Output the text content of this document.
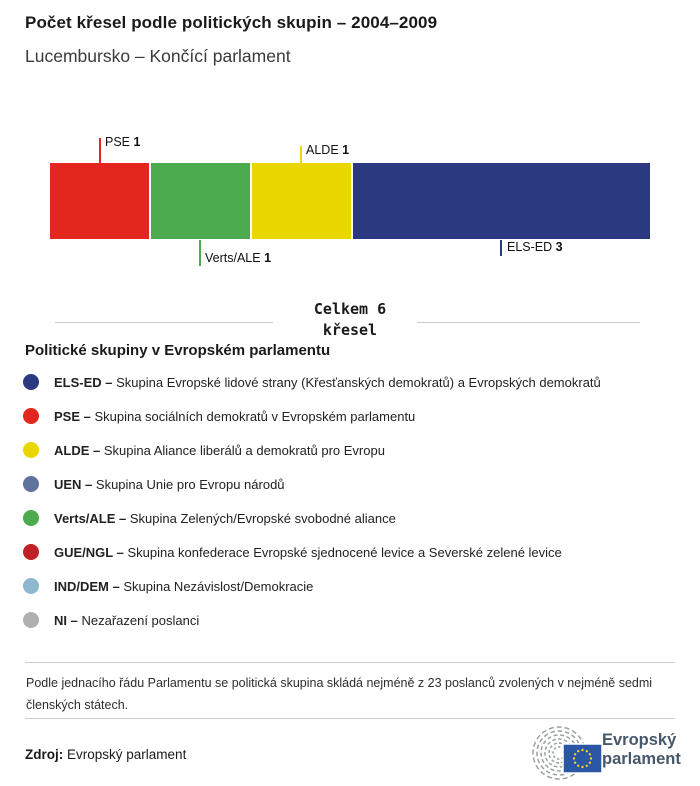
Počet křesel podle politických skupin – 2004–2009
Lucembursko – Končící parlament
Celkem 6
křesel
Politické skupiny v Evropském parlamentu
ELS-ED – Skupina Evropské lidové strany (Křesťanských demokratů) a Evropských demokratů
PSE – Skupina sociálních demokratů v Evropském parlamentu
ALDE – Skupina Aliance liberálů a demokratů pro Evropu
UEN – Skupina Unie pro Evropu národů
Verts/ALE – Skupina Zelených/Evropské svobodné aliance
GUE/NGL – Skupina konfederace Evropské sjednocené levice a Severské zelené levice
IND/DEM – Skupina Nezávislost/Demokracie
NI – Nezařazení poslanci
Podle jednacího řádu Parlamentu se politická skupina skládá nejméně z 23 poslanců zvolených v nejméně sedmi členských státech.
Zdroj: Evropský parlament
Evropský
parlament
PSE 1
Verts/ALE 1
ALDE 1
ELS-ED 3
